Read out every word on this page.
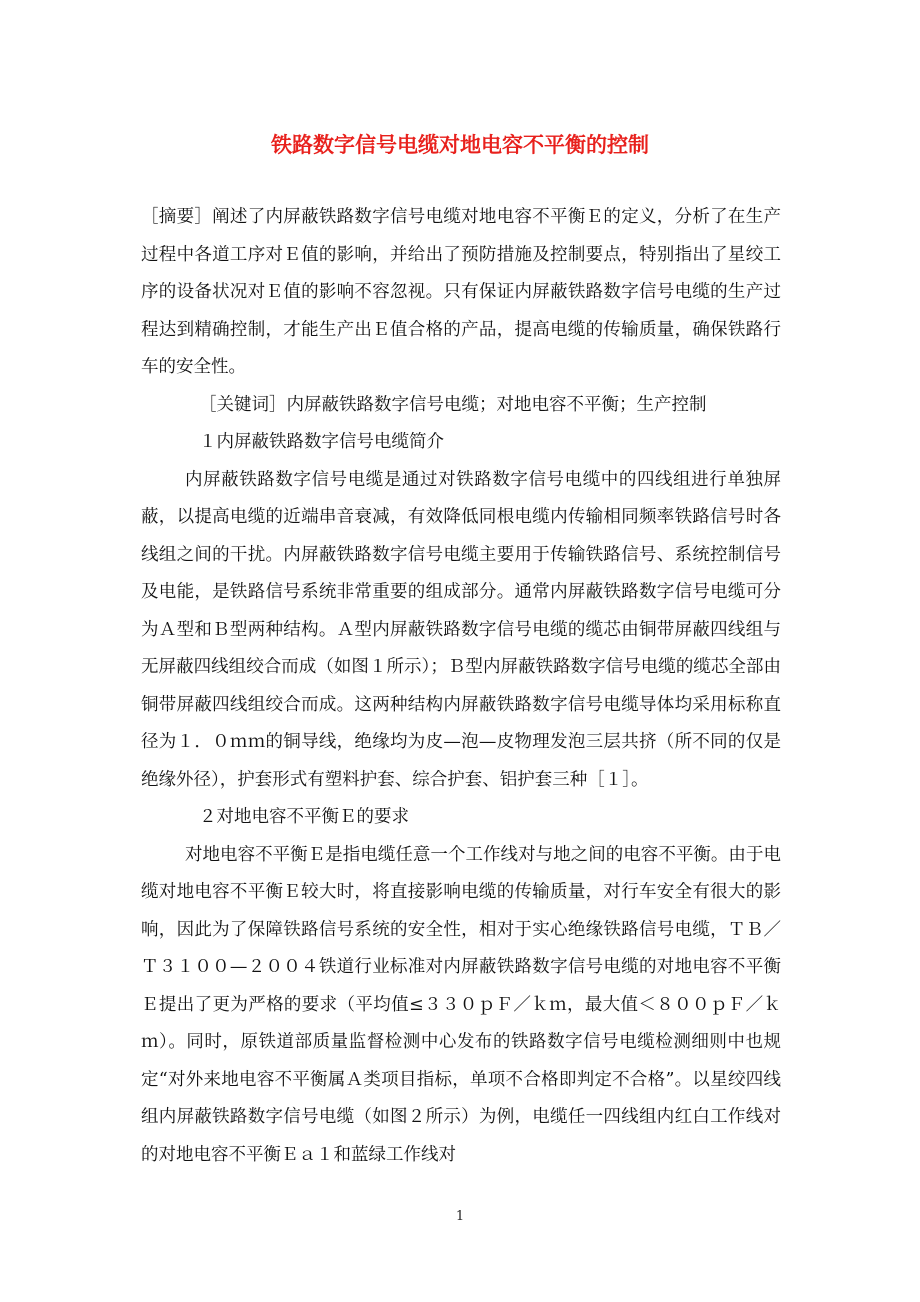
铁路数字信号电缆对地电容不平衡的控制

［摘要］阐述了内屏蔽铁路数字信号电缆对地电容不平衡Ｅ的定义，分析了在生产过程中各道工序对Ｅ值的影响，并给出了预防措施及控制要点，特别指出了星绞工序的设备状况对Ｅ值的影响不容忽视。只有保证内屏蔽铁路数字信号电缆的生产过程达到精确控制，才能生产出Ｅ值合格的产品，提高电缆的传输质量，确保铁路行车的安全性。

［关键词］内屏蔽铁路数字信号电缆；对地电容不平衡；生产控制

１内屏蔽铁路数字信号电缆简介

内屏蔽铁路数字信号电缆是通过对铁路数字信号电缆中的四线组进行单独屏蔽，以提高电缆的近端串音衰减，有效降低同根电缆内传输相同频率铁路信号时各线组之间的干扰。内屏蔽铁路数字信号电缆主要用于传输铁路信号、系统控制信号及电能，是铁路信号系统非常重要的组成部分。通常内屏蔽铁路数字信号电缆可分为Ａ型和Ｂ型两种结构。Ａ型内屏蔽铁路数字信号电缆的缆芯由铜带屏蔽四线组与无屏蔽四线组绞合而成（如图１所示）；Ｂ型内屏蔽铁路数字信号电缆的缆芯全部由铜带屏蔽四线组绞合而成。这两种结构内屏蔽铁路数字信号电缆导体均采用标称直径为１．０ｍｍ的铜导线，绝缘均为皮—泡—皮物理发泡三层共挤（所不同的仅是绝缘外径），护套形式有塑料护套、综合护套、铝护套三种［１］。

２对地电容不平衡Ｅ的要求

对地电容不平衡Ｅ是指电缆任意一个工作线对与地之间的电容不平衡。由于电缆对地电容不平衡Ｅ较大时，将直接影响电缆的传输质量，对行车安全有很大的影响，因此为了保障铁路信号系统的安全性，相对于实心绝缘铁路信号电缆，ＴＢ／Ｔ３１００—２００４铁道行业标准对内屏蔽铁路数字信号电缆的对地电容不平衡Ｅ提出了更为严格的要求（平均值≤３３０ｐＦ／ｋｍ，最大值＜８００ｐＦ／ｋｍ）。同时，原铁道部质量监督检测中心发布的铁路数字信号电缆检测细则中也规定“对外来地电容不平衡属Ａ类项目指标，单项不合格即判定不合格”。以星绞四线组内屏蔽铁路数字信号电缆（如图２所示）为例，电缆任一四线组内红白工作线对的对地电容不平衡Ｅａ１和蓝绿工作线对

1
